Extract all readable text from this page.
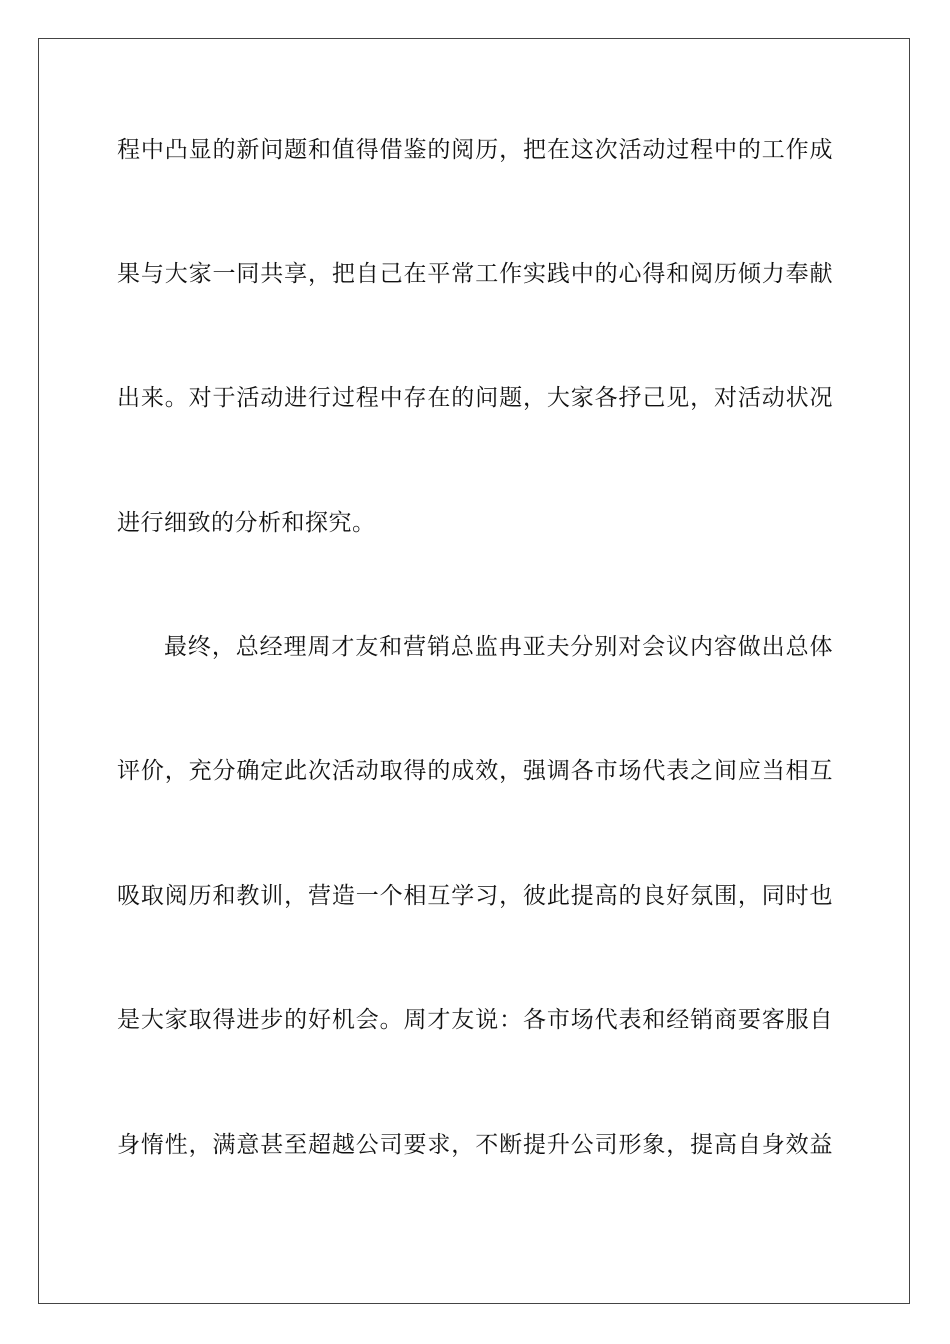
程中凸显的新问题和值得借鉴的阅历，把在这次活动过程中的工作成
果与大家一同共享，把自己在平常工作实践中的心得和阅历倾力奉献
出来。对于活动进行过程中存在的问题，大家各抒己见，对活动状况
进行细致的分析和探究。
最终，总经理周才友和营销总监冉亚夫分别对会议内容做出总体
评价，充分确定此次活动取得的成效，强调各市场代表之间应当相互
吸取阅历和教训，营造一个相互学习，彼此提高的良好氛围，同时也
是大家取得进步的好机会。周才友说：各市场代表和经销商要客服自
身惰性，满意甚至超越公司要求，不断提升公司形象，提高自身效益
